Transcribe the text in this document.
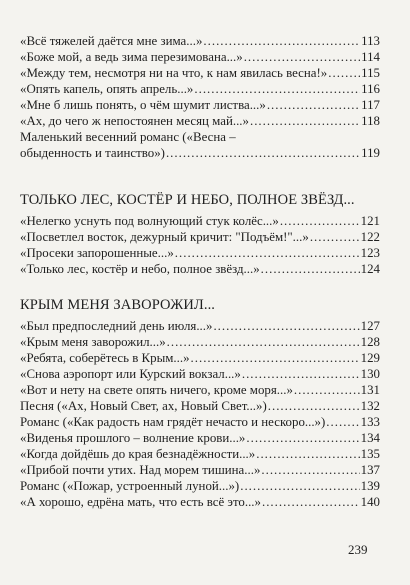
«Всё тяжелей даётся мне зима...» .....	113
«Боже мой, а ведь зима перезимована...» .....	114
«Между тем, несмотря ни на что, к нам явилась весна!» .....	115
«Опять капель, опять апрель...» .....	116
«Мне б лишь понять, о чём шумит листва...» .....	117
«Ах, до чего ж непостоянен месяц май...» .....	118
Маленький весенний романс («Весна –
обыденность и таинство») .....	119
ТОЛЬКО ЛЕС, КОСТЁР И НЕБО, ПОЛНОЕ ЗВЁЗД...
«Нелегко уснуть под волнующий стук колёс...» .....	121
«Посветлел восток, дежурный кричит: "Подъём!"...» .....	122
«Просеки запорошенные...» .....	123
«Только лес, костёр и небо, полное звёзд...» .....	124
КРЫМ МЕНЯ ЗАВОРОЖИЛ...
«Был предпоследний день июля...» .....	127
«Крым меня заворожил...» .....	128
«Ребята, соберётесь в Крым...» .....	129
«Снова аэропорт или Курский вокзал...» .....	130
«Вот и нету на свете опять ничего, кроме моря...» .....	131
Песня («Ах, Новый Свет, ах, Новый Свет...») .....	132
Романс («Как радость нам грядёт нечасто и нескоро...») .....	133
«Виденья прошлого – волнение крови...» .....	134
«Когда дойдёшь до края безнадёжности...» .....	135
«Прибой почти утих. Над морем тишина...» .....	137
Романс («Пожар, устроенный луной...») .....	139
«А хорошо, едрёна мать, что есть всё это...» .....	140
239
